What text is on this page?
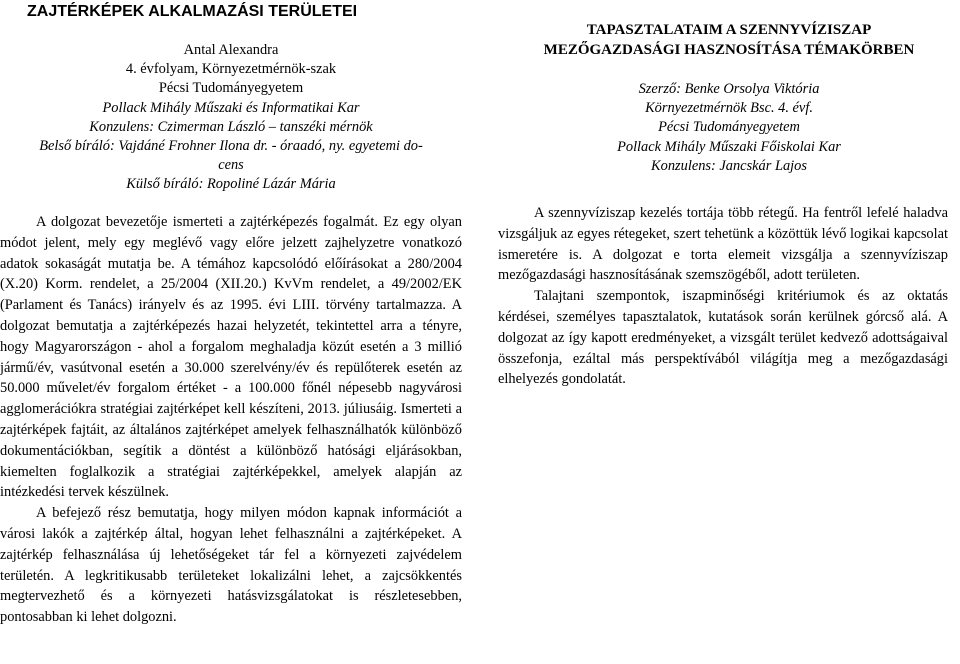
ZAJTÉRKÉPEK ALKALMAZÁSI TERÜLETEI
Antal Alexandra
4. évfolyam, Környezetmérnök-szak
Pécsi Tudományegyetem
Pollack Mihály Műszaki és Informatikai Kar
Konzulens: Czimerman László – tanszéki mérnök
Belső bíráló: Vajdáné Frohner Ilona dr. - óraadó, ny. egyetemi do-
cens
Külső bíráló: Ropoliné Lázár Mária

A dolgozat bevezetője ismerteti a zajtérképezés fogalmát. Ez egy olyan módot jelent, mely egy meglévő vagy előre jelzett zajhelyzetre vonatkozó adatok sokaságát mutatja be. A témához kapcsolódó előírásokat a 280/2004 (X.20) Korm. rendelet, a 25/2004 (XII.20.) KvVm rendelet, a 49/2002/EK (Parlament és Tanács) irányelv és az 1995. évi LIII. törvény tartalmazza. A dolgozat bemutatja a zajtérképezés hazai helyzetét, tekintettel arra a tényre, hogy Magyarországon - ahol a forgalom meghaladja közút esetén a 3 millió jármű/év, vasútvonal esetén a 30.000 szerelvény/év és repülőterek esetén az 50.000 művelet/év forgalom értéket - a 100.000 főnél népesebb nagyvárosi agglomerációkra stratégiai zajtérképet kell készíteni, 2013. júliusáig. Ismerteti a zajtérképek fajtáit, az általános zajtérképet amelyek felhasználhatók különböző dokumentációkban, segítik a döntést a különböző hatósági eljárásokban, kiemelten foglalkozik a stratégiai zajtérképekkel, amelyek alapján az intézkedési tervek készülnek.

A befejező rész bemutatja, hogy milyen módon kapnak információt a városi lakók a zajtérkép által, hogyan lehet felhasználni a zajtérképeket. A zajtérkép felhasználása új lehetőségeket tár fel a környezeti zajvédelem területén. A legkritikusabb területeket lokalizálni lehet, a zajcsökkentés megtervezhető és a környezeti hatásvizsgálatokat is részletesebben, pontosabban ki lehet dolgozni.

TAPASZTALATAIM A SZENNYVÍZISZAP
MEZŐGAZDASÁGI HASZNOSÍTÁSA TÉMAKÖRBEN
Szerző: Benke Orsolya Viktória
Környezetmérnök Bsc. 4. évf.
Pécsi Tudományegyetem
Pollack Mihály Műszaki Főiskolai Kar
Konzulens: Jancskár Lajos

A szennyvíziszap kezelés tortája több rétegű. Ha fentről lefelé haladva vizsgáljuk az egyes rétegeket, szert tehetünk a közöttük lévő logikai kapcsolat ismeretére is. A dolgozat e torta elemeit vizsgálja a szennyvíziszap mezőgazdasági hasznosításának szemszögéből, adott területen.

Talajtani szempontok, iszapminőségi kritériumok és az oktatás kérdései, személyes tapasztalatok, kutatások során kerülnek górcső alá. A dolgozat az így kapott eredményeket, a vizsgált terület kedvező adottságaival összefonja, ezáltal más perspektívából világítja meg a mezőgazdasági elhelyezés gondolatát.
